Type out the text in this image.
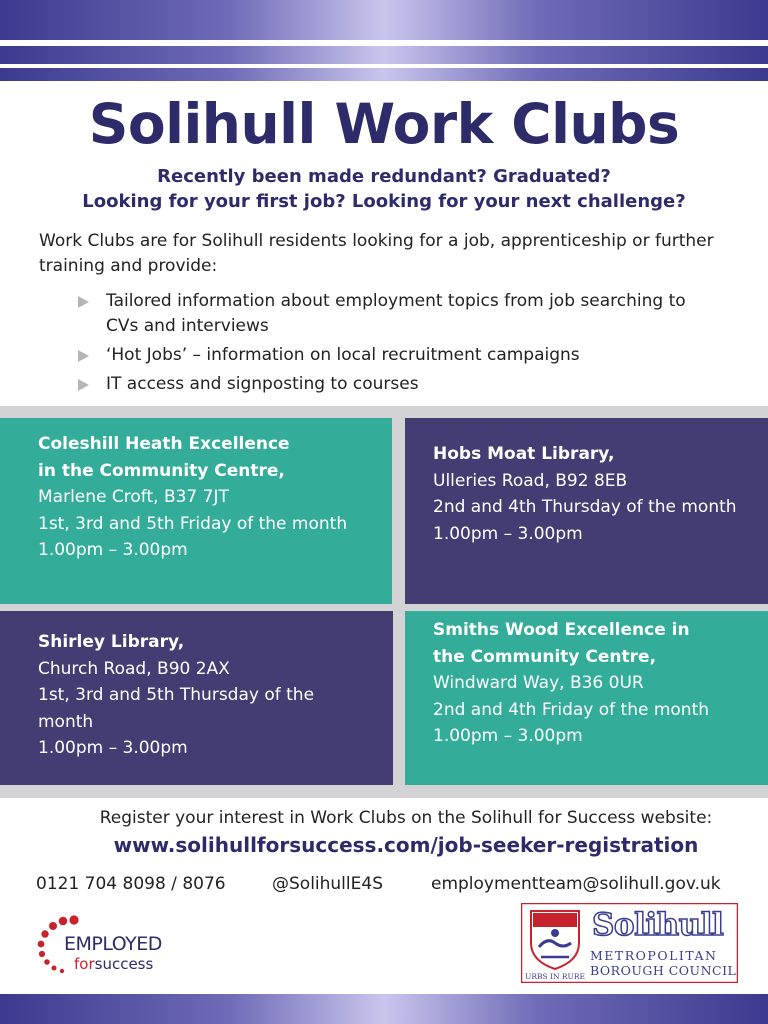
Solihull Work Clubs
Recently been made redundant? Graduated?
Looking for your first job? Looking for your next challenge?
Work Clubs are for Solihull residents looking for a job, apprenticeship or further training and provide:
Tailored information about employment topics from job searching to CVs and interviews
‘Hot Jobs’ – information on local recruitment campaigns
IT access and signposting to courses
Coleshill Heath Excellence
in the Community Centre,
Marlene Croft, B37 7JT
1st, 3rd and 5th Friday of the month
1.00pm – 3.00pm
Hobs Moat Library,
Ulleries Road, B92 8EB
2nd and 4th Thursday of the month
1.00pm – 3.00pm
Shirley Library,
Church Road, B90 2AX
1st, 3rd and 5th Thursday of the month
1.00pm – 3.00pm
Smiths Wood Excellence in
the Community Centre,
Windward Way, B36 0UR
2nd and 4th Friday of the month
1.00pm – 3.00pm
Register your interest in Work Clubs on the Solihull for Success website:
www.solihullforsuccess.com/job-seeker-registration
0121 704 8098 / 8076	@SolihullE4S	employmentteam@solihull.gov.uk
EMPLOYED
forsuccess
URBS IN RURE
Solihull
METROPOLITAN
BOROUGH COUNCIL
